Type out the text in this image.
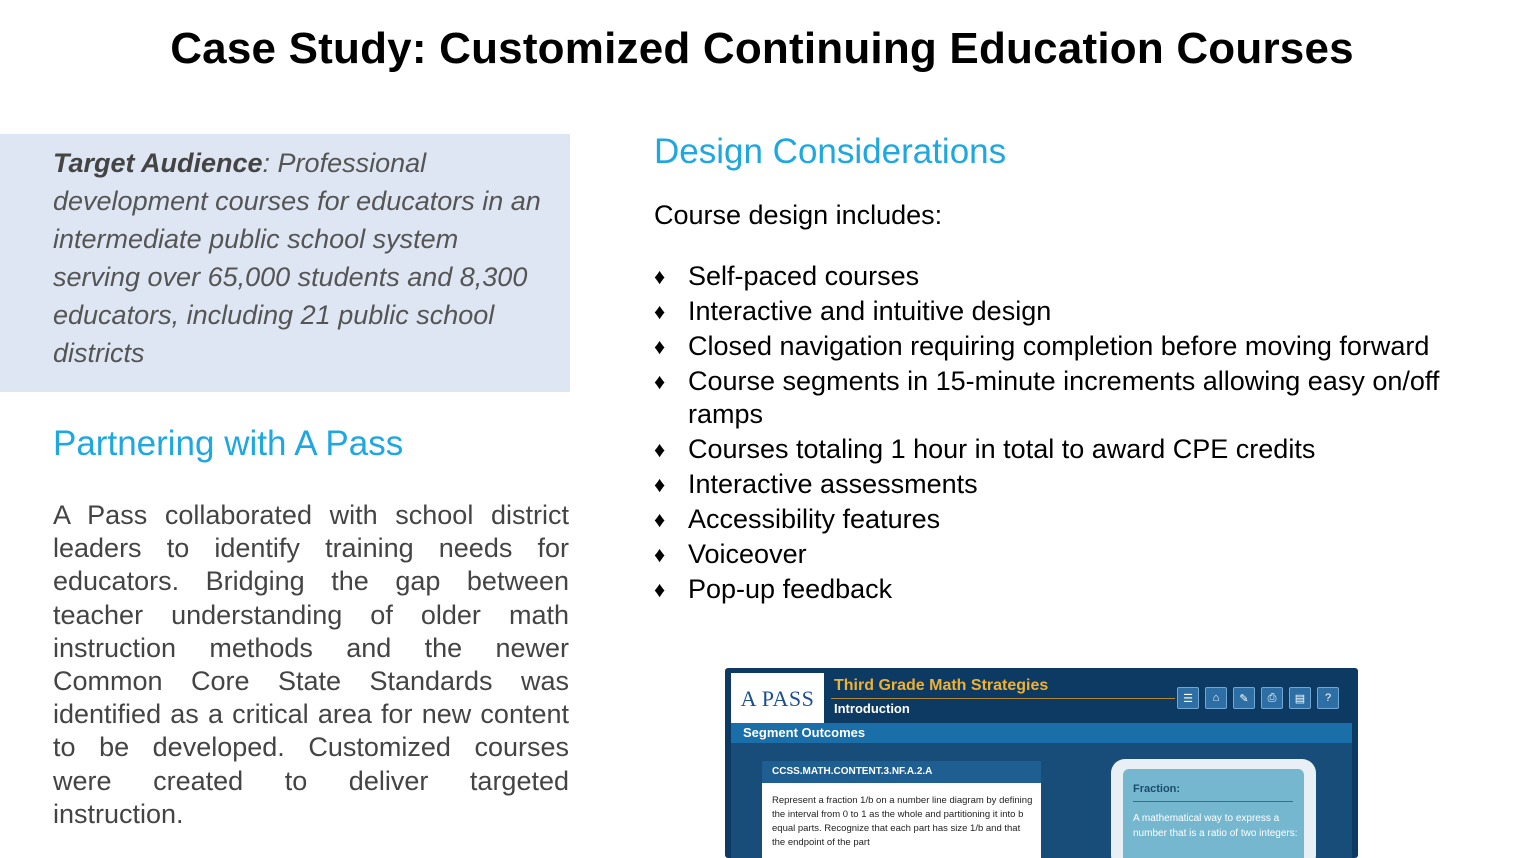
Case Study: Customized Continuing Education Courses
Target Audience: Professional development courses for educators in an intermediate public school system serving over 65,000 students and 8,300 educators, including 21 public school districts
Partnering with A Pass

A Pass collaborated with school district leaders to identify training needs for educators. Bridging the gap between teacher understanding of older math instruction methods and the newer Common Core State Standards was identified as a critical area for new content to be developed. Customized courses were created to deliver targeted instruction.

Design Considerations

Course design includes:

♦ Self-paced courses
♦ Interactive and intuitive design
♦ Closed navigation requiring completion before moving forward
♦ Course segments in 15-minute increments allowing easy on/off ramps
♦ Courses totaling 1 hour in total to award CPE credits
♦ Interactive assessments
♦ Accessibility features
♦ Voiceover
♦ Pop-up feedback
A PASS
Third Grade Math Strategies
Introduction
☰	⌂	✎	⎙	▤	?
Segment Outcomes
CCSS.MATH.CONTENT.3.NF.A.2.A
Represent a fraction 1/b on a number line diagram by defining the interval from 0 to 1 as the whole and partitioning it into b equal parts. Recognize that each part has size 1/b and that the endpoint of the part
Fraction:
A mathematical way to express a number that is a ratio of two integers:
